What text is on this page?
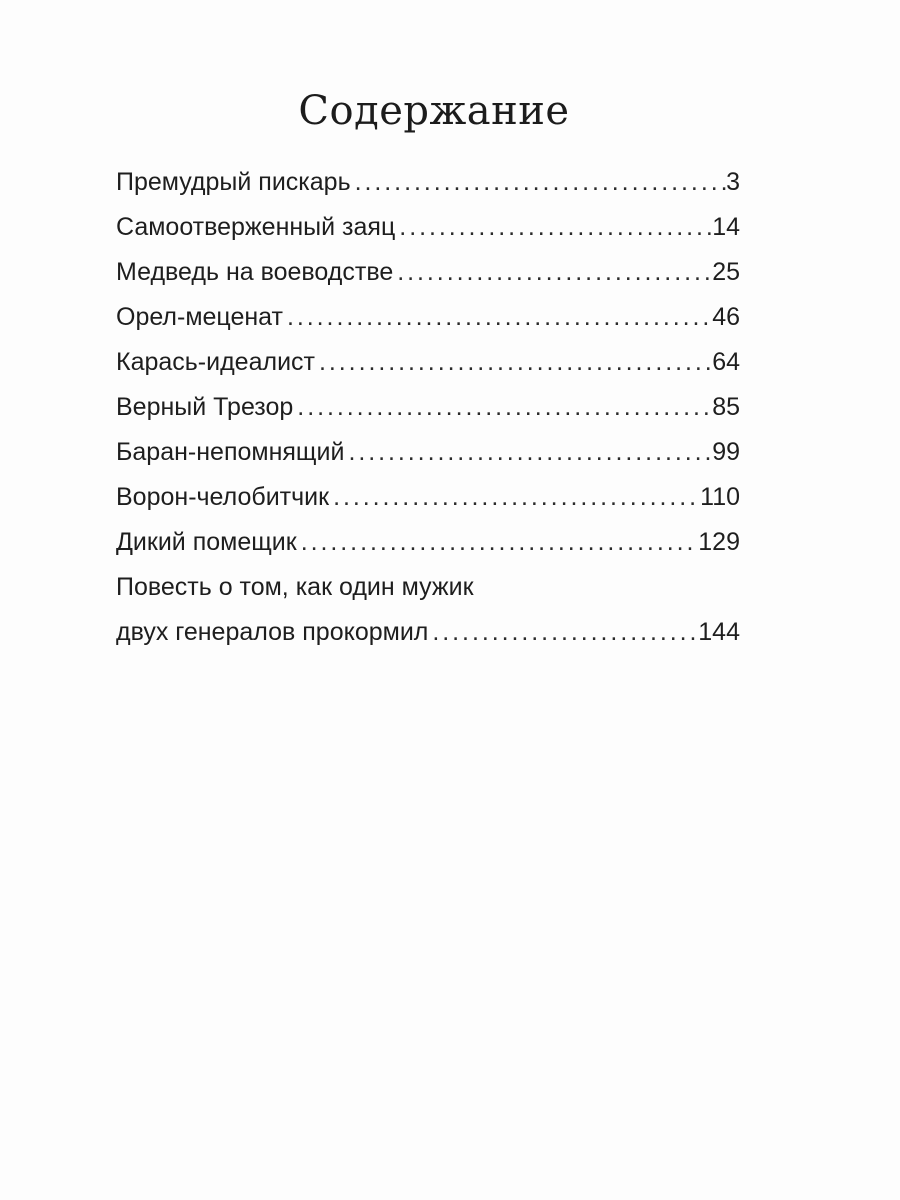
Содержание
Премудрый пискарь . . .	3
Самоотверженный заяц . . .	14
Медведь на воеводстве . . .	25
Орел-меценат . . .	46
Карась-идеалист . . .	64
Верный Трезор . . .	85
Баран-непомнящий . . .	99
Ворон-челобитчик . . .	110
Дикий помещик . . .	129
Повесть о том, как один мужик
двух генералов прокормил . . .	144
